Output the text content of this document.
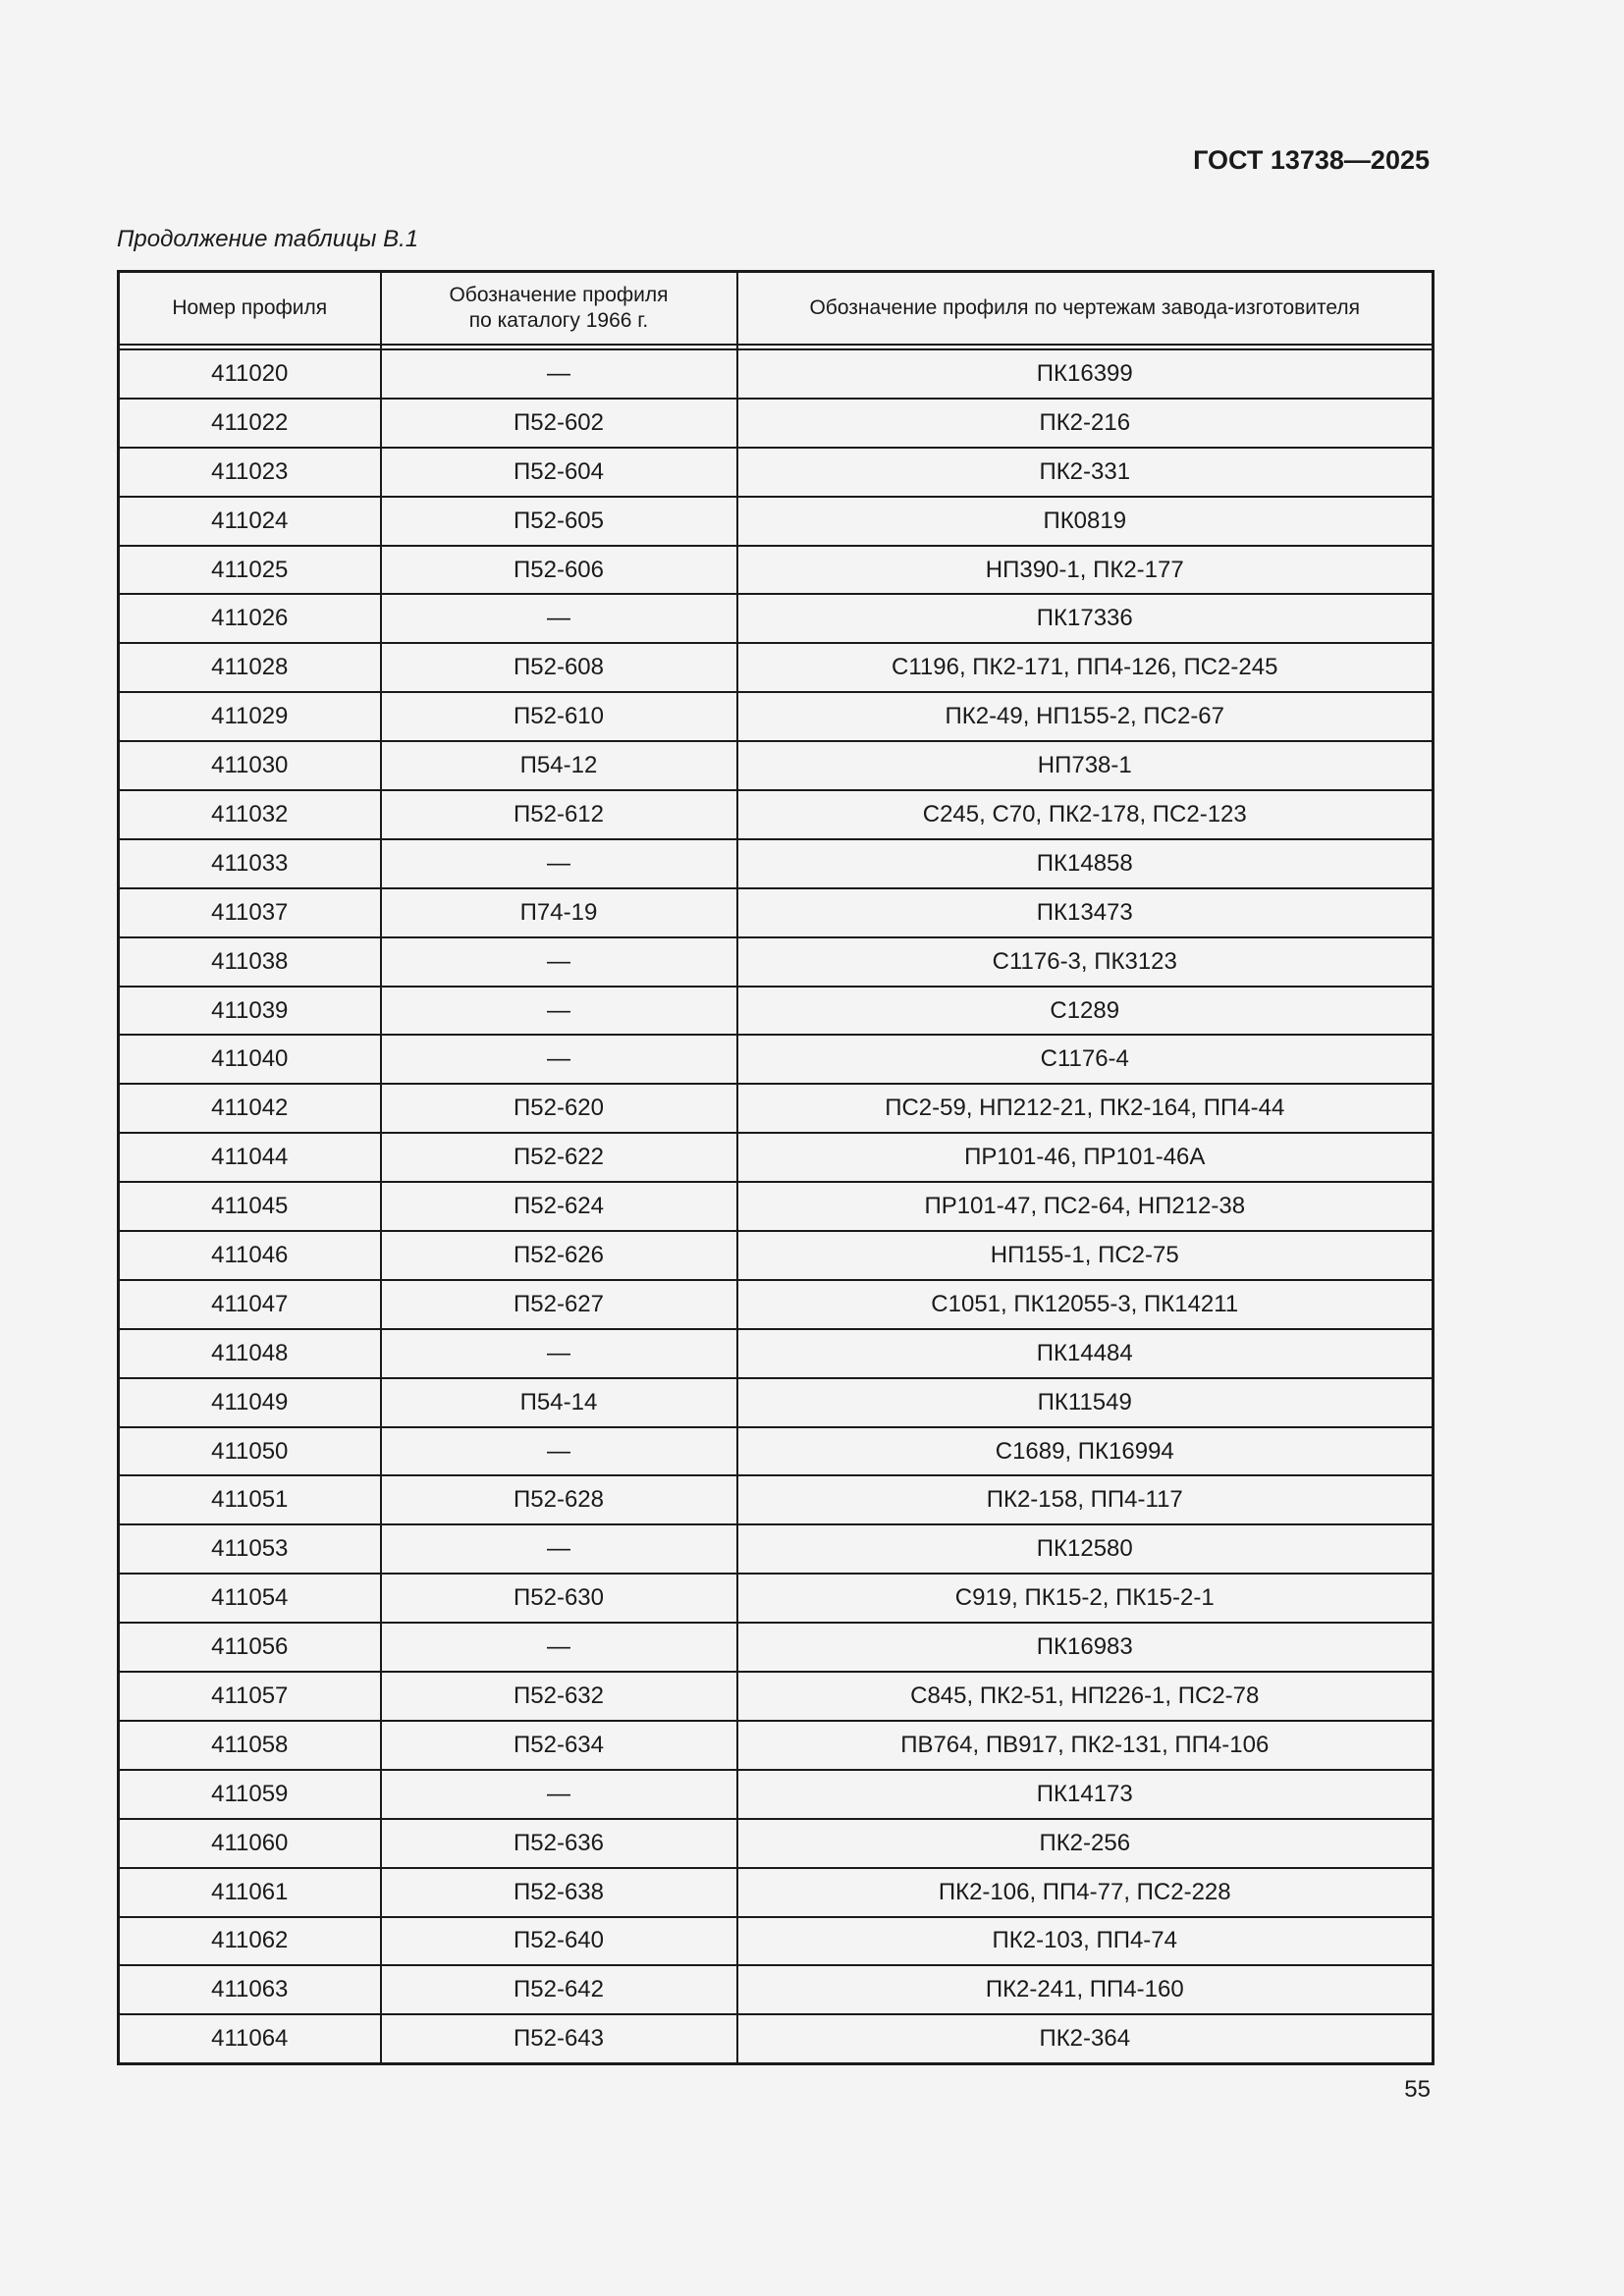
ГОСТ 13738—2025
Продолжение таблицы В.1
Номер профиля	Обозначение профиля по каталогу 1966 г.	Обозначение профиля по чертежам завода-изготовителя

411020	—	ПК16399
411022	П52-602	ПК2-216
411023	П52-604	ПК2-331
411024	П52-605	ПК0819
411025	П52-606	НП390-1, ПК2-177
411026	—	ПК17336
411028	П52-608	С1196, ПК2-171, ПП4-126, ПС2-245
411029	П52-610	ПК2-49, НП155-2, ПС2-67
411030	П54-12	НП738-1
411032	П52-612	С245, С70, ПК2-178, ПС2-123
411033	—	ПК14858
411037	П74-19	ПК13473
411038	—	С1176-3, ПК3123
411039	—	С1289
411040	—	С1176-4
411042	П52-620	ПС2-59, НП212-21, ПК2-164, ПП4-44
411044	П52-622	ПР101-46, ПР101-46А
411045	П52-624	ПР101-47, ПС2-64, НП212-38
411046	П52-626	НП155-1, ПС2-75
411047	П52-627	С1051, ПК12055-3, ПК14211
411048	—	ПК14484
411049	П54-14	ПК11549
411050	—	С1689, ПК16994
411051	П52-628	ПК2-158, ПП4-117
411053	—	ПК12580
411054	П52-630	С919, ПК15-2, ПК15-2-1
411056	—	ПК16983
411057	П52-632	С845, ПК2-51, НП226-1, ПС2-78
411058	П52-634	ПВ764, ПВ917, ПК2-131, ПП4-106
411059	—	ПК14173
411060	П52-636	ПК2-256
411061	П52-638	ПК2-106, ПП4-77, ПС2-228
411062	П52-640	ПК2-103, ПП4-74
411063	П52-642	ПК2-241, ПП4-160
411064	П52-643	ПК2-364
55
